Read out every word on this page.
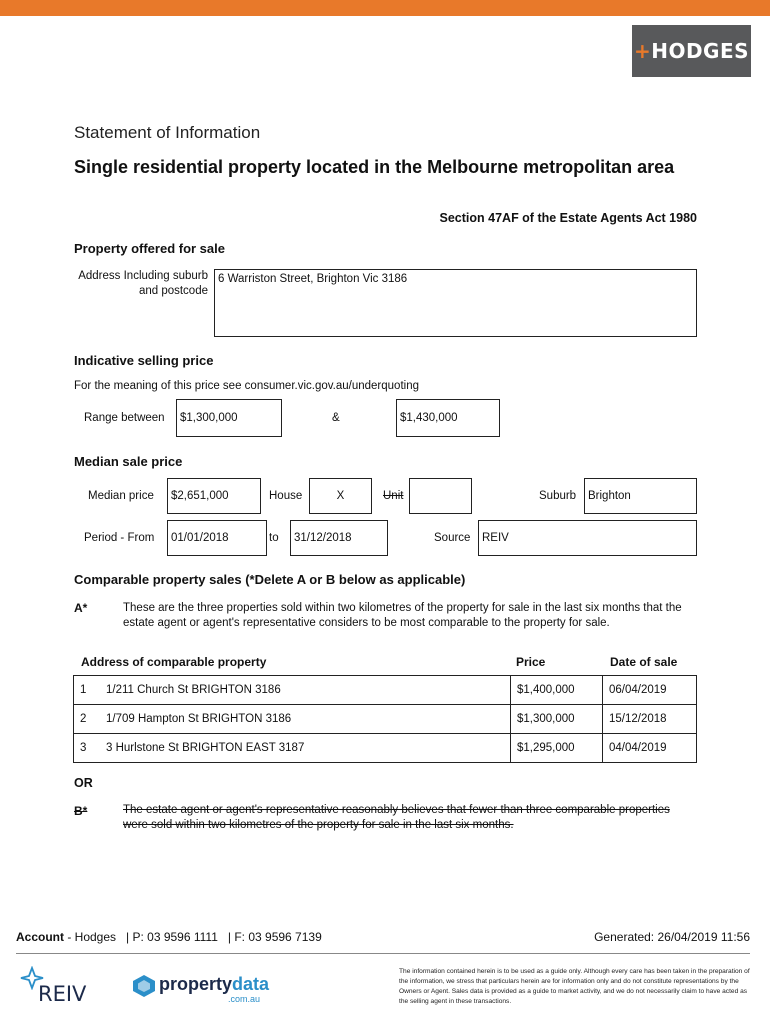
+HODGES
Statement of Information
Single residential property located in the Melbourne metropolitan area
Section 47AF of the Estate Agents Act 1980
Property offered for sale
Address Including suburb and postcode
6 Warriston Street, Brighton Vic 3186
Indicative selling price
For the meaning of this price see consumer.vic.gov.au/underquoting
Range between $1,300,000	&	$1,430,000
Median sale price
Median price $2,651,000	House	X	Unit	Suburb Brighton
Period - From 01/01/2018	to 31/12/2018	Source REIV
Comparable property sales (*Delete A or B below as applicable)
A*	These are the three properties sold within two kilometres of the property for sale in the last six months that the estate agent or agent's representative considers to be most comparable to the property for sale.
Address of comparable property	Price	Date of sale
1 1/211 Church St BRIGHTON 3186	$1,400,000	06/04/2019
2 1/709 Hampton St BRIGHTON 3186	$1,300,000	15/12/2018
3 3 Hurlstone St BRIGHTON EAST 3187	$1,295,000	04/04/2019
OR
B*	The estate agent or agent's representative reasonably believes that fewer than three comparable properties were sold within two kilometres of the property for sale in the last six months.
Account - Hodges   | P: 03 9596 1111   | F: 03 9596 7139	Generated: 26/04/2019 11:56
REIV	propertydata
.com.au
The information contained herein is to be used as a guide only. Although every care has been taken in the preparation of the information, we stress that particulars herein are for information only and do not constitute representations by the Owners or Agent. Sales data is provided as a guide to market activity, and we do not necessarily claim to have acted as the selling agent in these transactions.
